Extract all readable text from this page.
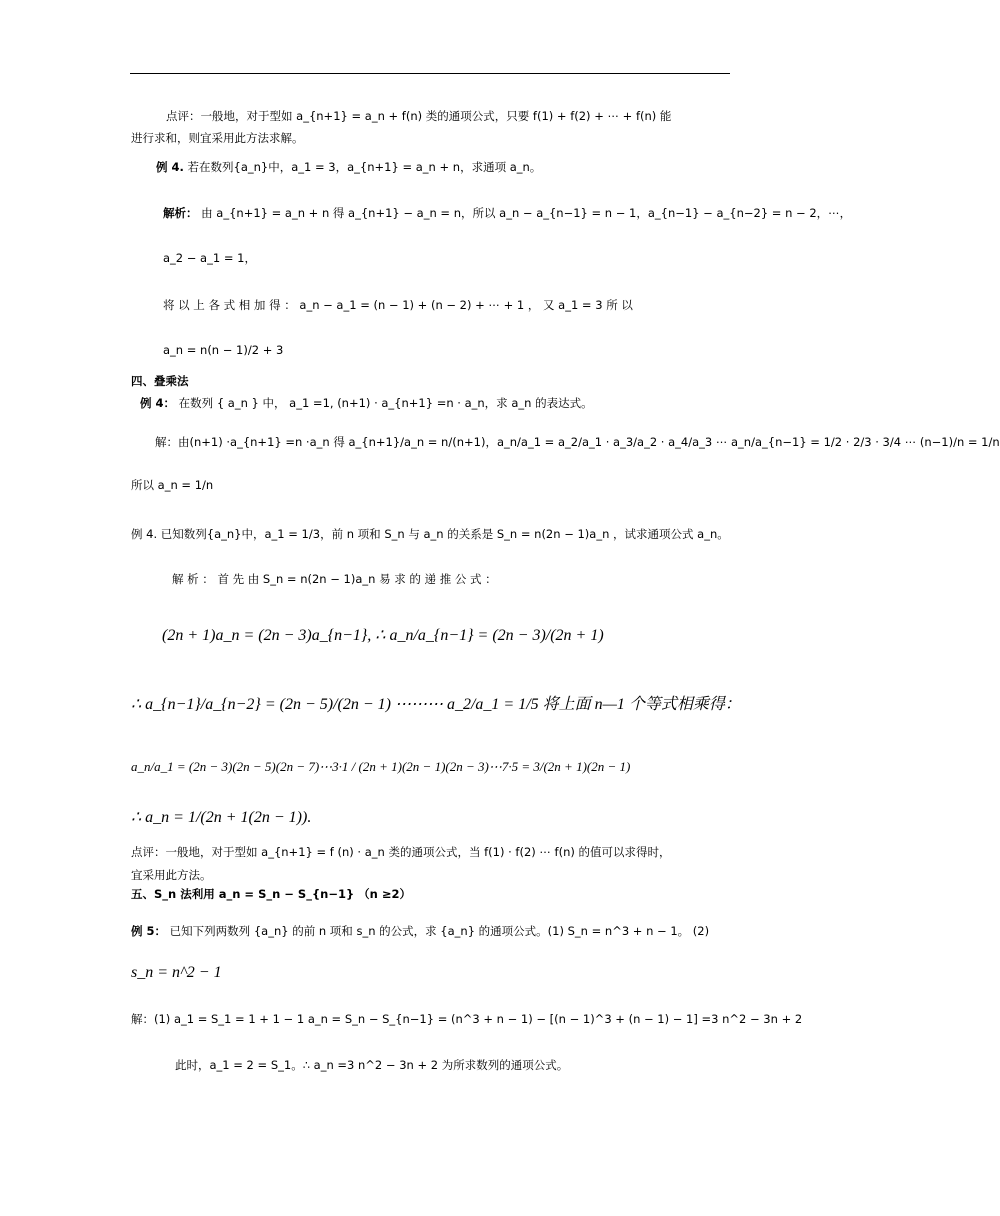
点评：一般地，对于型如 a_{n+1} = a_n + f(n) 类的通项公式，只要 f(1) + f(2) + ⋯ + f(n) 能
进行求和，则宜采用此方法求解。
例 4. 若在数列{a_n}中，a_1 = 3，a_{n+1} = a_n + n，求通项 a_n。
解析： 由 a_{n+1} = a_n + n 得 a_{n+1} − a_n = n，所以 a_n − a_{n−1} = n − 1，a_{n−1} − a_{n−2} = n − 2，⋯，
a_2 − a_1 = 1，
将 以 上 各 式 相 加 得 ： a_n − a_1 = (n − 1) + (n − 2) + ⋯ + 1 ， 又 a_1 = 3 所 以
a_n = n(n − 1)/2 + 3
四、叠乘法
例 4： 在数列 { a_n } 中， a_1 =1, (n+1) · a_{n+1} =n · a_n，求 a_n 的表达式。
解：由(n+1) ·a_{n+1} =n ·a_n 得 a_{n+1}/a_n = n/(n+1)，a_n/a_1 = a_2/a_1 · a_3/a_2 · a_4/a_3 ⋯ a_n/a_{n−1} = 1/2 · 2/3 · 3/4 ⋯ (n−1)/n = 1/n
所以 a_n = 1/n
例 4. 已知数列{a_n}中，a_1 = 1/3，前 n 项和 S_n 与 a_n 的关系是 S_n = n(2n − 1)a_n ，试求通项公式 a_n。
解 析 ： 首 先 由 S_n = n(2n − 1)a_n 易 求 的 递 推 公 式 ：
(2n + 1)a_n = (2n − 3)a_{n−1}, ∴ a_n/a_{n−1} = (2n − 3)/(2n + 1)
∴ a_{n−1}/a_{n−2} = (2n − 5)/(2n − 1) ⋯⋯⋯ a_2/a_1 = 1/5 将上面 n—1 个等式相乘得：
a_n/a_1 = (2n − 3)(2n − 5)(2n − 7)⋯3·1 / (2n + 1)(2n − 1)(2n − 3)⋯7·5 = 3/(2n + 1)(2n − 1)
∴ a_n = 1/(2n + 1(2n − 1)).
点评：一般地，对于型如 a_{n+1} = f (n) · a_n 类的通项公式，当 f(1) · f(2) ⋯ f(n) 的值可以求得时，
宜采用此方法。
五、S_n 法利用 a_n = S_n − S_{n−1} （n ≥2）
例 5： 已知下列两数列 {a_n} 的前 n 项和 s_n 的公式，求 {a_n} 的通项公式。(1) S_n = n^3 + n − 1。 (2)
s_n = n^2 − 1
解：(1) a_1 = S_1 = 1 + 1 − 1 a_n = S_n − S_{n−1} = (n^3 + n − 1) − [(n − 1)^3 + (n − 1) − 1] =3 n^2 − 3n + 2
此时，a_1 = 2 = S_1。∴ a_n =3 n^2 − 3n + 2 为所求数列的通项公式。
